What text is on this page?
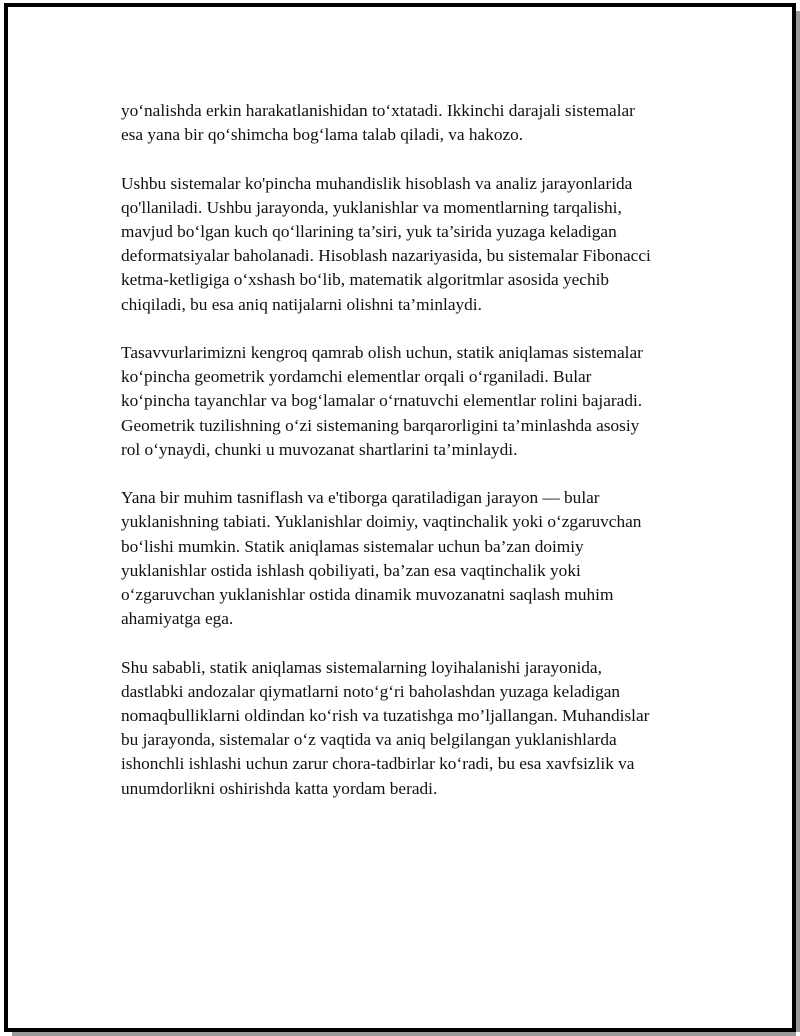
yo‘nalishda erkin harakatlanishidan to‘xtatadi. Ikkinchi darajali sistemalar
esa yana bir qo‘shimcha bog‘lama talab qiladi, va hakozo.

Ushbu sistemalar ko'pincha muhandislik hisoblash va analiz jarayonlarida
qo'llaniladi. Ushbu jarayonda, yuklanishlar va momentlarning tarqalishi,
mavjud bo‘lgan kuch qo‘llarining ta’siri, yuk ta’sirida yuzaga keladigan
deformatsiyalar baholanadi. Hisoblash nazariyasida, bu sistemalar Fibonacci
ketma-ketligiga o‘xshash bo‘lib, matematik algoritmlar asosida yechib
chiqiladi, bu esa aniq natijalarni olishni ta’minlaydi.

Tasavvurlarimizni kengroq qamrab olish uchun, statik aniqlamas sistemalar
ko‘pincha geometrik yordamchi elementlar orqali o‘rganiladi. Bular
ko‘pincha tayanchlar va bog‘lamalar o‘rnatuvchi elementlar rolini bajaradi.
Geometrik tuzilishning o‘zi sistemaning barqarorligini ta’minlashda asosiy
rol o‘ynaydi, chunki u muvozanat shartlarini ta’minlaydi.

Yana bir muhim tasniflash va e'tiborga qaratiladigan jarayon — bular
yuklanishning tabiati. Yuklanishlar doimiy, vaqtinchalik yoki o‘zgaruvchan
bo‘lishi mumkin. Statik aniqlamas sistemalar uchun ba’zan doimiy
yuklanishlar ostida ishlash qobiliyati, ba’zan esa vaqtinchalik yoki
o‘zgaruvchan yuklanishlar ostida dinamik muvozanatni saqlash muhim
ahamiyatga ega.

Shu sababli, statik aniqlamas sistemalarning loyihalanishi jarayonida,
dastlabki andozalar qiymatlarni noto‘g‘ri baholashdan yuzaga keladigan
nomaqbulliklarni oldindan ko‘rish va tuzatishga mo’ljallangan. Muhandislar
bu jarayonda, sistemalar o‘z vaqtida va aniq belgilangan yuklanishlarda
ishonchli ishlashi uchun zarur chora-tadbirlar ko‘radi, bu esa xavfsizlik va
unumdorlikni oshirishda katta yordam beradi.
